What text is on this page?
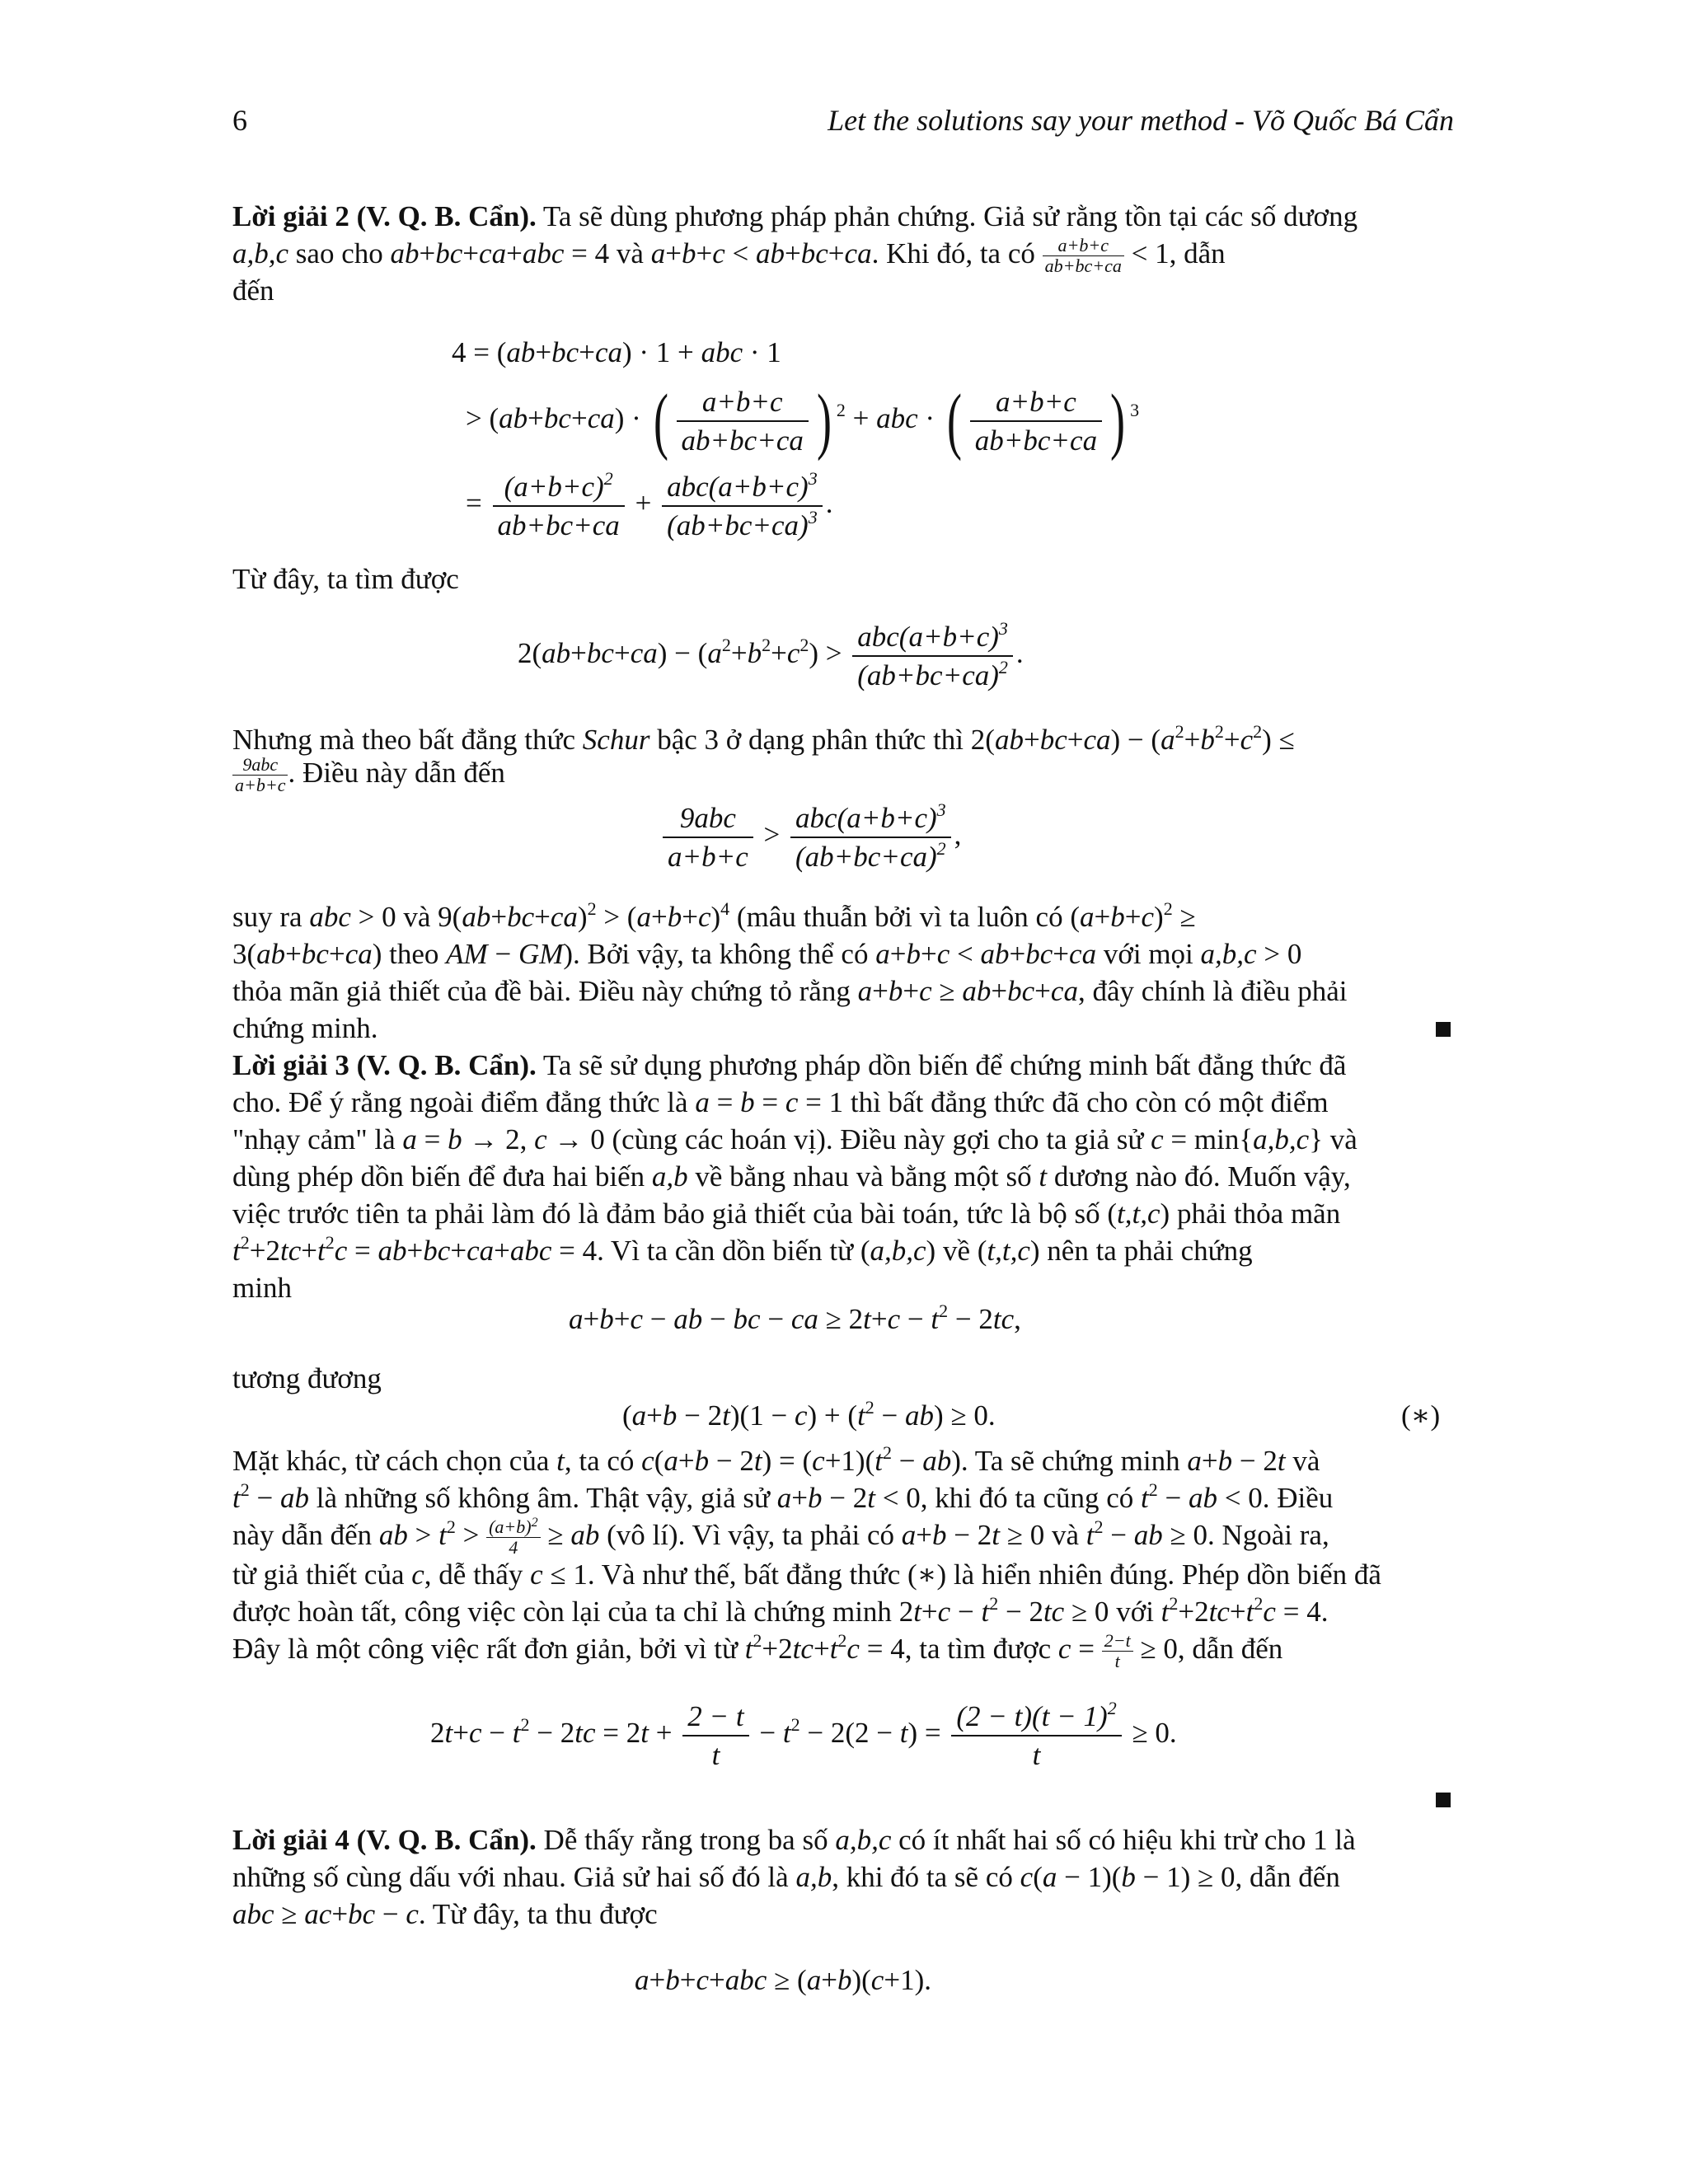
6	Let the solutions say your method - Võ Quốc Bá Cẩn

Lời giải 2 (V. Q. B. Cẩn). Ta sẽ dùng phương pháp phản chứng. Giả sử rằng tồn tại các số dương

a,b,c sao cho ab+bc+ca+abc = 4 và a+b+c < ab+bc+ca. Khi đó, ta có $\frac{a+b+c}{ab+bc+ca} < 1$, dẫn
đến
4 = (ab+bc+ca) · 1 + abc · 1
> (ab+bc+ca) · ( $\frac{a+b+c}{ab+bc+ca}$ ) $^2$ + abc · ( $\frac{a+b+c}{ab+bc+ca}$ ) $^3$
= $\frac{(a+b+c)^2}{ab+bc+ca} + \frac{abc(a+b+c)^3}{(ab+bc+ca)^3}$ .
Từ đây, ta tìm được
$2(ab+bc+ca) - (a^2+b^2+c^2) > \frac{abc(a+b+c)^3}{(ab+bc+ca)^2}$ .
Nhưng mà theo bất đẳng thức Schur bậc 3 ở dạng phân thức thì $2(ab+bc+ca) - (a^2+b^2+c^2)$ ≤
9abc
a+b+c . Điều này dẫn đến
$\frac{\text{9abc}}{a+b+c} > \frac{abc(a+b+c)^3}{(ab+bc+ca)^2}$ ,
suy ra abc > 0 và $9(ab+bc+ca)^2 > (a+b+c)^4$ (mâu thuẫn bởi vì ta luôn có $(a+b+c)^2$ ≥
3(ab+bc+ca) theo AM − GM). Bởi vậy, ta không thể có a+b+c < ab+bc+ca với mọi a,b,c > 0
thỏa mãn giả thiết của đề bài. Điều này chứng tỏ rằng a+b+c ≥ ab+bc+ca, đây chính là điều phải
chứng minh.
Lời giải 3 (V. Q. B. Cẩn). Ta sẽ sử dụng phương pháp dồn biến để chứng minh bất đẳng thức đã
cho. Để ý rằng ngoài điểm đẳng thức là a = b = c = 1 thì bất đẳng thức đã cho còn có một điểm
"nhạy cảm" là a = b → 2, c → 0 (cùng các hoán vị). Điều này gợi cho ta giả sử c = min{a,b,c} và
dùng phép dồn biến để đưa hai biến a,b về bằng nhau và bằng một số t dương nào đó. Muốn vậy,
việc trước tiên ta phải làm đó là đảm bảo giả thiết của bài toán, tức là bộ số (t,t,c) phải thỏa mãn
$t^2+2tc+t^2c = ab+bc+ca+abc = 4$. Vì ta cần dồn biến từ (a,b,c) về (t,t,c) nên ta phải chứng
minh
a+b+c − ab − bc − ca ≥ $2t+c - t^2 - 2tc$,
tương đương
$(a+b - 2t)(1 - c) + (t^2 - ab) \ge 0$.	(∗)
Mặt khác, từ cách chọn của t, ta có $c(a+b - 2t) = (c+1)(t^2 - ab)$. Ta sẽ chứng minh a+b − 2t và
$t^2$ − ab là những số không âm. Thật vậy, giả sử a+b − 2t < 0, khi đó ta cũng có $t^2$ − ab < 0. Điều
này dẫn đến ab > $t^2 > \frac{(a+b)^2}{4}$ ≥ ab (vô lí). Vì vậy, ta phải có a+b − 2t ≥ 0 và $t^2$ − ab ≥ 0. Ngoài ra,
từ giả thiết của c, dễ thấy c ≤ 1. Và như thế, bất đẳng thức (∗) là hiển nhiên đúng. Phép dồn biến đã
được hoàn tất, công việc còn lại của ta chỉ là chứng minh $2t+c - t^2 - 2tc \ge 0$ với $t^2+2tc+t^2c = 4$.
Đây là một công việc rất đơn giản, bởi vì từ $t^2+2tc+t^2c = 4$, ta tìm được $c = \frac{2-t}{t} \ge 0$, dẫn đến
$2t+c - t^2 - 2tc = 2t + \frac{2 - t}{t} - t^2 - 2(2 - t) = \frac{(2 - t)(t - 1)^2}{t} \ge 0$.
Lời giải 4 (V. Q. B. Cẩn). Dễ thấy rằng trong ba số a,b,c có ít nhất hai số có hiệu khi trừ cho 1 là
những số cùng dấu với nhau. Giả sử hai số đó là a,b, khi đó ta sẽ có c(a − 1)(b − 1) ≥ 0, dẫn đến
abc ≥ ac+bc − c. Từ đây, ta thu được
a+b+c+abc ≥ (a+b)(c+1).
